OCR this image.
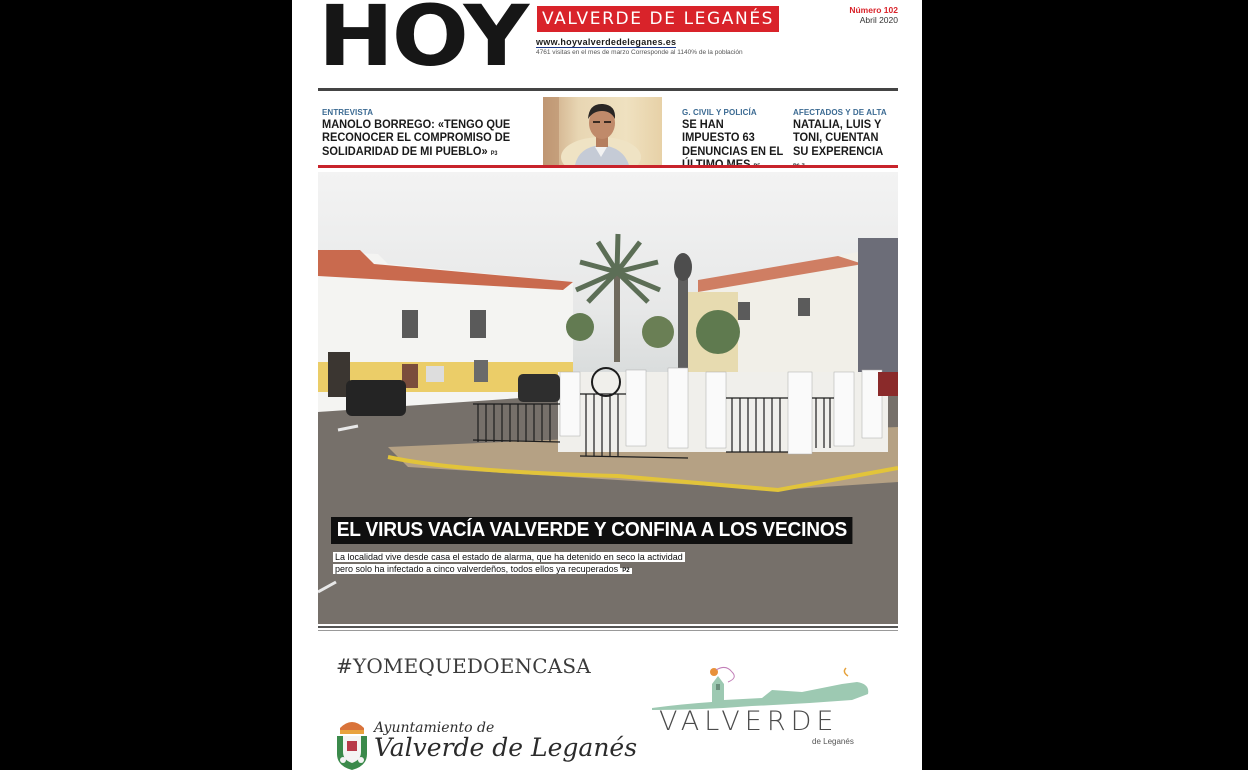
HOY VALVERDE DE LEGANÉS
www.hoyvalverdedeleganes.es
4761 visitas en el mes de marzo Corresponde al 1140% de la población
Número 102
Abril 2020
ENTREVISTA
MANOLO BORREGO: «TENGO QUE RECONOCER EL COMPROMISO DE SOLIDARIDAD DE MI PUEBLO» P3
G. CIVIL Y POLICÍA
SE HAN IMPUESTO 63 DENUNCIAS EN EL
AFECTADOS Y DE ALTA
NATALIA, LUIS Y TONI, CUENTAN SU EXPERENCIA
EL VIRUS VACÍA VALVERDE Y CONFINA A LOS VECINOS
La localidad vive desde casa el estado de alarma, que ha detenido en seco la actividad pero solo ha infectado a cinco valverdeños, todos ellos ya recuperados P2
#YOMEQUEDOENCASA
Ayuntamiento de
Valverde de Leganés
VALVERDE
de Leganés
